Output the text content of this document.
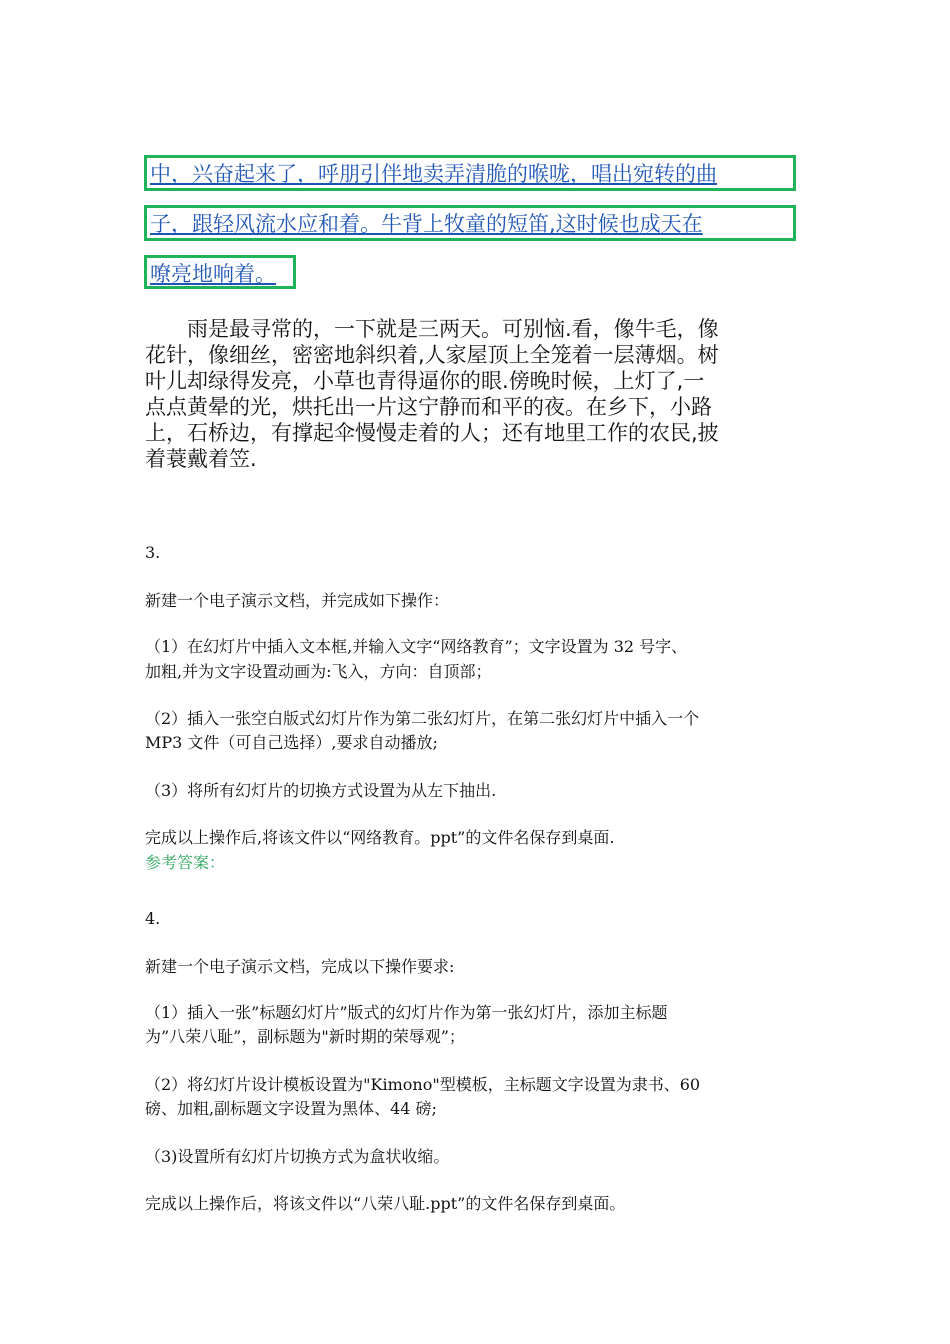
中，兴奋起来了，呼朋引伴地卖弄清脆的喉咙，唱出宛转的曲
子，跟轻风流水应和着。牛背上牧童的短笛,这时候也成天在
嘹亮地响着。
雨是最寻常的，一下就是三两天。可别恼.看，像牛毛，像
花针，像细丝，密密地斜织着,人家屋顶上全笼着一层薄烟。树
叶儿却绿得发亮，小草也青得逼你的眼.傍晚时候，上灯了,一
点点黄晕的光，烘托出一片这宁静而和平的夜。在乡下，小路
上，石桥边，有撑起伞慢慢走着的人；还有地里工作的农民,披
着蓑戴着笠.
3.
新建一个电子演示文档，并完成如下操作：
（1）在幻灯片中插入文本框,并输入文字“网络教育”；文字设置为 32 号字、
加粗,并为文字设置动画为:飞入，方向：自顶部；
（2）插入一张空白版式幻灯片作为第二张幻灯片，在第二张幻灯片中插入一个
MP3 文件（可自己选择）,要求自动播放;
（3）将所有幻灯片的切换方式设置为从左下抽出.
完成以上操作后,将该文件以“网络教育。ppt”的文件名保存到桌面.
参考答案：
4.
新建一个电子演示文档，完成以下操作要求:
（1）插入一张”标题幻灯片”版式的幻灯片作为第一张幻灯片，添加主标题
为”八荣八耻”，副标题为"新时期的荣辱观”；
（2）将幻灯片设计模板设置为"Kimono"型模板，主标题文字设置为隶书、60
磅、加粗,副标题文字设置为黑体、44 磅;
（3)设置所有幻灯片切换方式为盒状收缩。
完成以上操作后，将该文件以“八荣八耻.ppt”的文件名保存到桌面。
